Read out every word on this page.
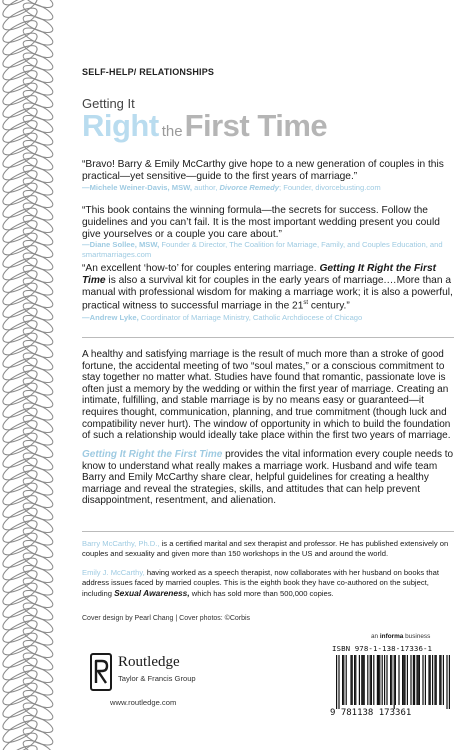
SELF-HELP/ RELATIONSHIPS
Getting It
Right theFirst Time
“Bravo! Barry & Emily McCarthy give hope to a new generation of couples in this practical—yet sensitive—guide to the first years of marriage.”
—Michele Weiner-Davis, MSW, author, Divorce Remedy; Founder, divorcebusting.com
“This book contains the winning formula—the secrets for success. Follow the guidelines and you can’t fail. It is the most important wedding present you could give yourselves or a couple you care about.”
—Diane Sollee, MSW, Founder & Director, The Coalition for Marriage, Family, and Couples Education, and smartmarriages.com
“An excellent ‘how-to’ for couples entering marriage. Getting It Right the First Time is also a survival kit for couples in the early years of marriage.…More than a manual with professional wisdom for making a marriage work; it is also a powerful, practical witness to successful marriage in the 21st century.”
—Andrew Lyke, Coordinator of Marriage Ministry, Catholic Archdiocese of Chicago
A healthy and satisfying marriage is the result of much more than a stroke of good fortune, the accidental meeting of two “soul mates,” or a conscious commitment to stay together no matter what. Studies have found that romantic, passionate love is often just a memory by the wedding or within the first year of marriage. Creating an intimate, fulfilling, and stable marriage is by no means easy or guaranteed—it requires thought, communication, planning, and true commitment (though luck and compatibility never hurt). The window of opportunity in which to build the foundation of such a relationship would ideally take place within the first two years of marriage.
Getting It Right the First Time provides the vital information every couple needs to know to understand what really makes a marriage work. Husband and wife team Barry and Emily McCarthy share clear, helpful guidelines for creating a healthy marriage and reveal the strategies, skills, and attitudes that can help prevent disappointment, resentment, and alienation.
Barry McCarthy, Ph.D., is a certified marital and sex therapist and professor. He has published extensively on couples and sexuality and given more than 150 workshops in the US and around the world.
Emily J. McCarthy, having worked as a speech therapist, now collaborates with her husband on books that address issues faced by married couples. This is the eighth book they have co-authored on the subject, including Sexual Awareness, which has sold more than 500,000 copies.
Cover design by Pearl Chang | Cover photos: ©Corbis
an informa business
Routledge
Taylor & Francis Group
www.routledge.com
ISBN 978-1-138-17336-1
9 781138 173361
